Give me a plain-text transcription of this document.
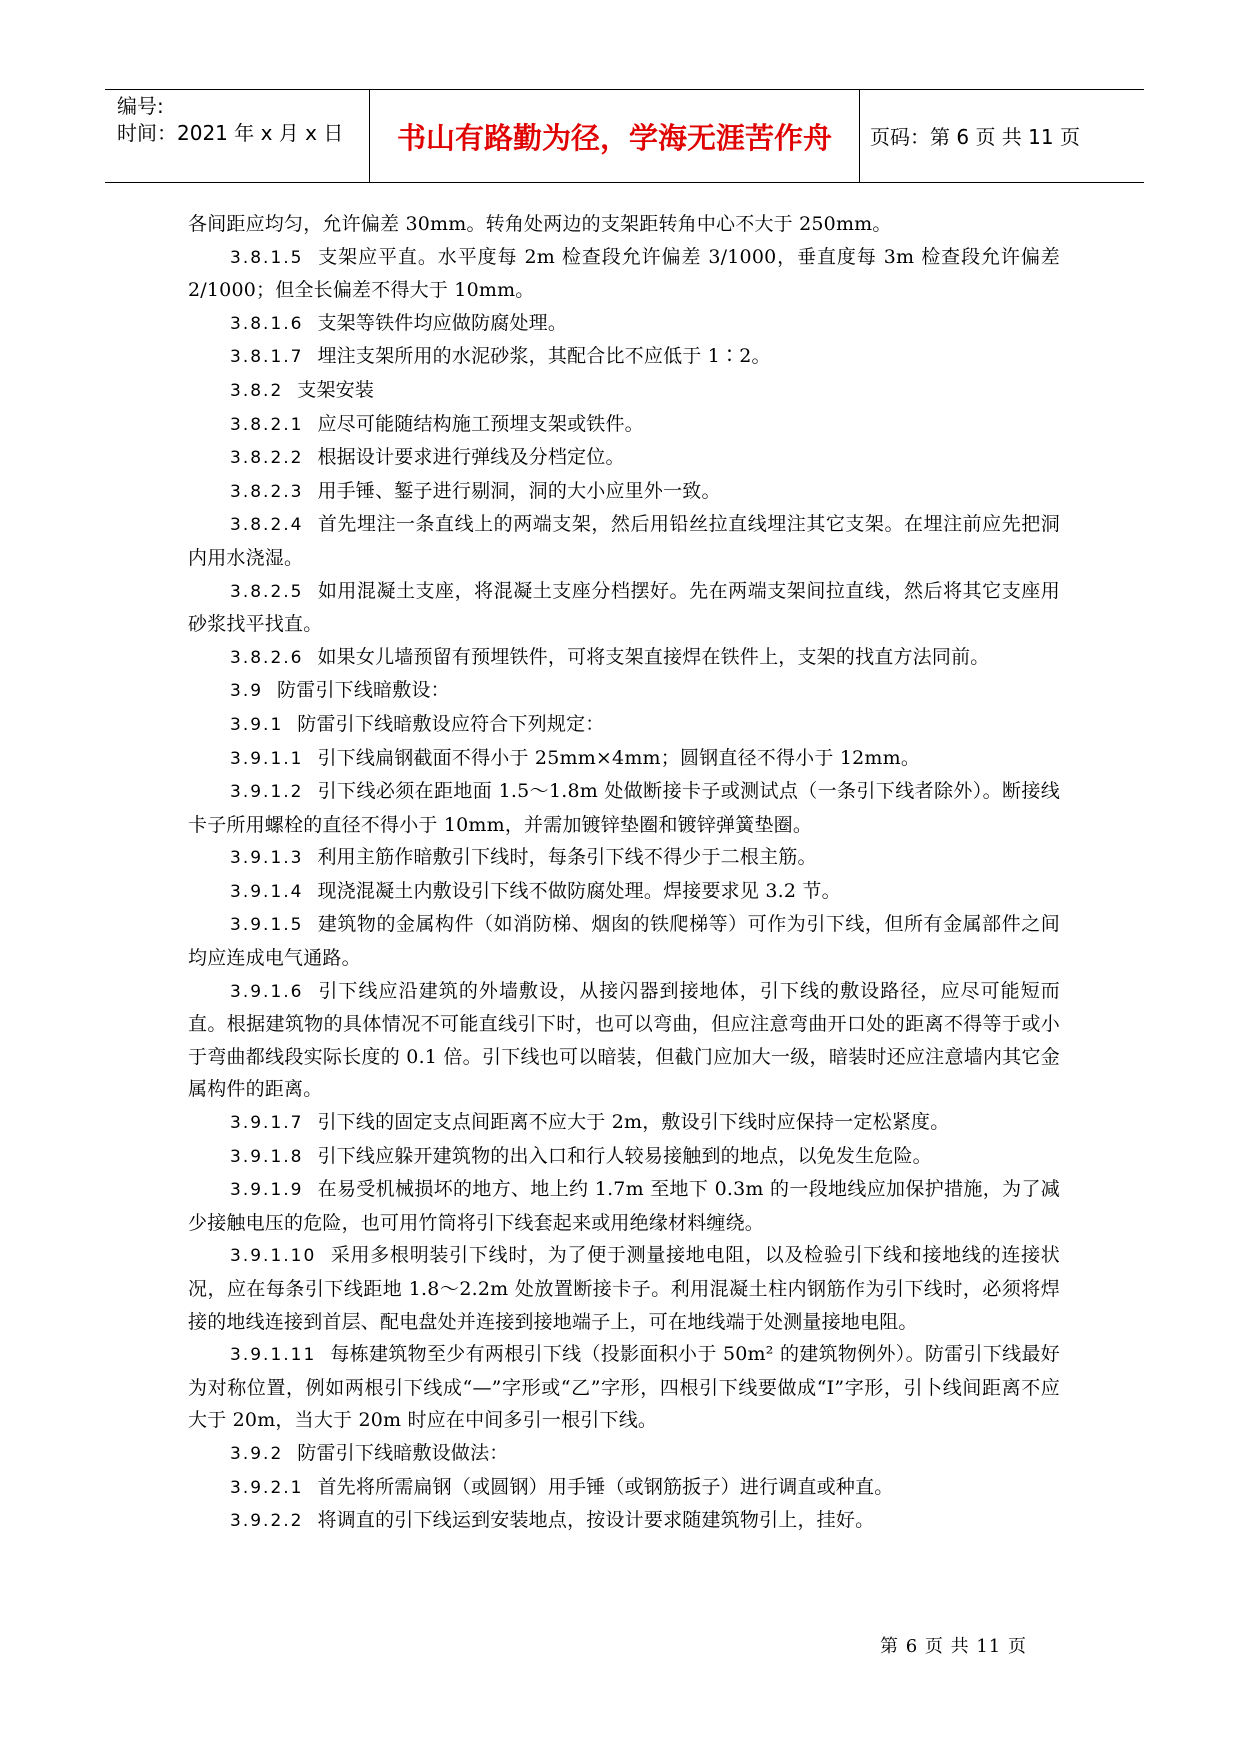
编号:
时间：2021 年 x 月 x 日	书山有路勤为径，学海无涯苦作舟	页码：第 6 页 共 11 页

各间距应均匀，允许偏差 30mm。转角处两边的支架距转角中心不大于 250mm。

3.8.1.5 支架应平直。水平度每 2m 检查段允许偏差 3/1000，垂直度每 3m 检查段允许偏差 2/1000；但全长偏差不得大于 10mm。

3.8.1.6 支架等铁件均应做防腐处理。

3.8.1.7 埋注支架所用的水泥砂浆，其配合比不应低于 1∶2。

3.8.2 支架安装

3.8.2.1 应尽可能随结构施工预埋支架或铁件。

3.8.2.2 根据设计要求进行弹线及分档定位。

3.8.2.3 用手锤、錾子进行剔洞，洞的大小应里外一致。

3.8.2.4 首先埋注一条直线上的两端支架，然后用铅丝拉直线埋注其它支架。在埋注前应先把洞内用水浇湿。

3.8.2.5 如用混凝土支座，将混凝土支座分档摆好。先在两端支架间拉直线，然后将其它支座用砂浆找平找直。

3.8.2.6 如果女儿墙预留有预埋铁件，可将支架直接焊在铁件上，支架的找直方法同前。

3.9 防雷引下线暗敷设：

3.9.1 防雷引下线暗敷设应符合下列规定：

3.9.1.1 引下线扁钢截面不得小于 25mm×4mm；圆钢直径不得小于 12mm。

3.9.1.2 引下线必须在距地面 1.5～1.8m 处做断接卡子或测试点（一条引下线者除外）。断接线卡子所用螺栓的直径不得小于 10mm，并需加镀锌垫圈和镀锌弹簧垫圈。

3.9.1.3 利用主筋作暗敷引下线时，每条引下线不得少于二根主筋。

3.9.1.4 现浇混凝土内敷设引下线不做防腐处理。焊接要求见 3.2 节。

3.9.1.5 建筑物的金属构件（如消防梯、烟囱的铁爬梯等）可作为引下线，但所有金属部件之间均应连成电气通路。

3.9.1.6 引下线应沿建筑的外墙敷设，从接闪器到接地体，引下线的敷设路径，应尽可能短而直。根据建筑物的具体情况不可能直线引下时，也可以弯曲，但应注意弯曲开口处的距离不得等于或小于弯曲都线段实际长度的 0.1 倍。引下线也可以暗装，但截门应加大一级，暗装时还应注意墙内其它金属构件的距离。

3.9.1.7 引下线的固定支点间距离不应大于 2m，敷设引下线时应保持一定松紧度。

3.9.1.8 引下线应躲开建筑物的出入口和行人较易接触到的地点，以免发生危险。

3.9.1.9 在易受机械损坏的地方、地上约 1.7m 至地下 0.3m 的一段地线应加保护措施，为了减少接触电压的危险，也可用竹筒将引下线套起来或用绝缘材料缠绕。

3.9.1.10 采用多根明装引下线时，为了便于测量接地电阻，以及检验引下线和接地线的连接状况，应在每条引下线距地 1.8～2.2m 处放置断接卡子。利用混凝土柱内钢筋作为引下线时，必须将焊接的地线连接到首层、配电盘处并连接到接地端子上，可在地线端于处测量接地电阻。

3.9.1.11 每栋建筑物至少有两根引下线（投影面积小于 50m² 的建筑物例外）。防雷引下线最好为对称位置，例如两根引下线成“—”字形或“乙”字形，四根引下线要做成“I”字形，引卜线间距离不应大于 20m，当大于 20m 时应在中间多引一根引下线。

3.9.2 防雷引下线暗敷设做法：

3.9.2.1 首先将所需扁钢（或圆钢）用手锤（或钢筋扳子）进行调直或种直。

3.9.2.2 将调直的引下线运到安装地点，按设计要求随建筑物引上，挂好。

第 6 页 共 11 页
